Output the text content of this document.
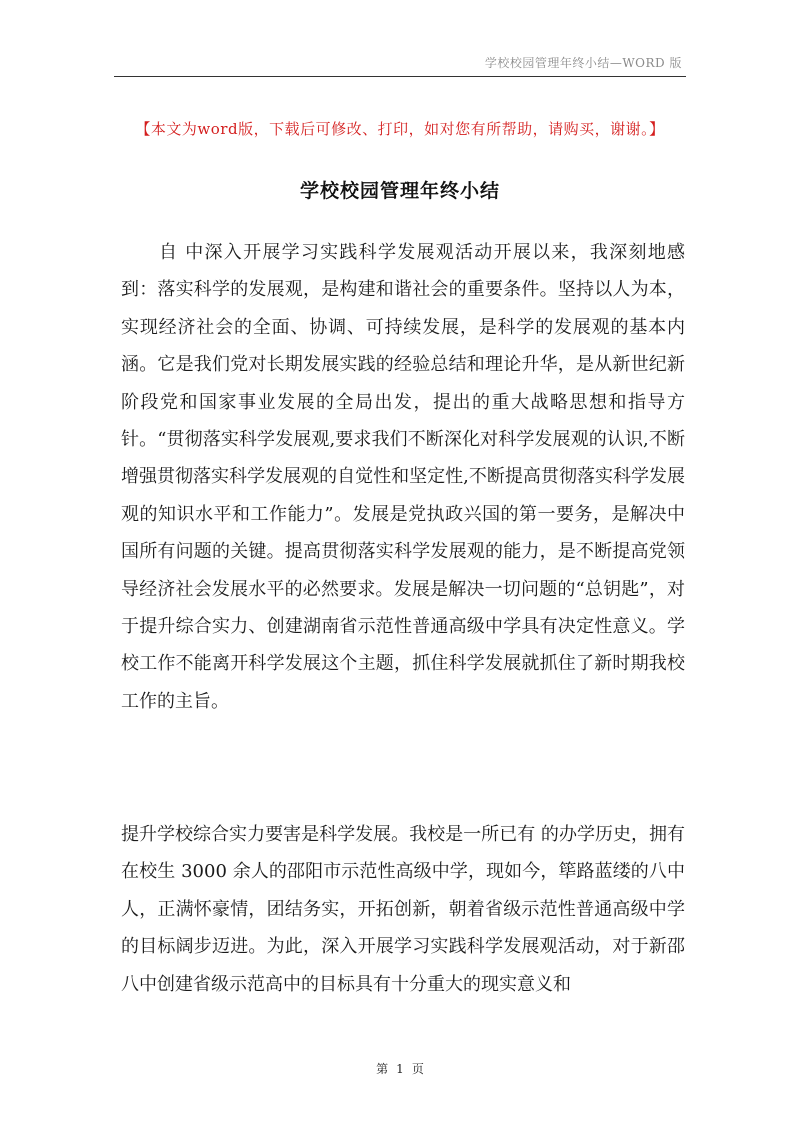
学校校园管理年终小结—WORD 版
【本文为word版，下载后可修改、打印，如对您有所帮助，请购买，谢谢。】
学校校园管理年终小结

自 中深入开展学习实践科学发展观活动开展以来，我深刻地感到：落实科学的发展观，是构建和谐社会的重要条件。坚持以人为本，实现经济社会的全面、协调、可持续发展，是科学的发展观的基本内涵。它是我们党对长期发展实践的经验总结和理论升华，是从新世纪新阶段党和国家事业发展的全局出发，提出的重大战略思想和指导方针。“贯彻落实科学发展观,要求我们不断深化对科学发展观的认识,不断增强贯彻落实科学发展观的自觉性和坚定性,不断提高贯彻落实科学发展观的知识水平和工作能力”。发展是党执政兴国的第一要务，是解决中国所有问题的关键。提高贯彻落实科学发展观的能力，是不断提高党领导经济社会发展水平的必然要求。发展是解决一切问题的“总钥匙”，对于提升综合实力、创建湖南省示范性普通高级中学具有决定性意义。学校工作不能离开科学发展这个主题，抓住科学发展就抓住了新时期我校工作的主旨。

提升学校综合实力要害是科学发展。我校是一所已有 的办学历史，拥有在校生 3000 余人的邵阳市示范性高级中学，现如今，筚路蓝缕的八中人，正满怀豪情，团结务实，开拓创新，朝着省级示范性普通高级中学的目标阔步迈进。为此，深入开展学习实践科学发展观活动，对于新邵八中创建省级示范高中的目标具有十分重大的现实意义和

第 1 页
